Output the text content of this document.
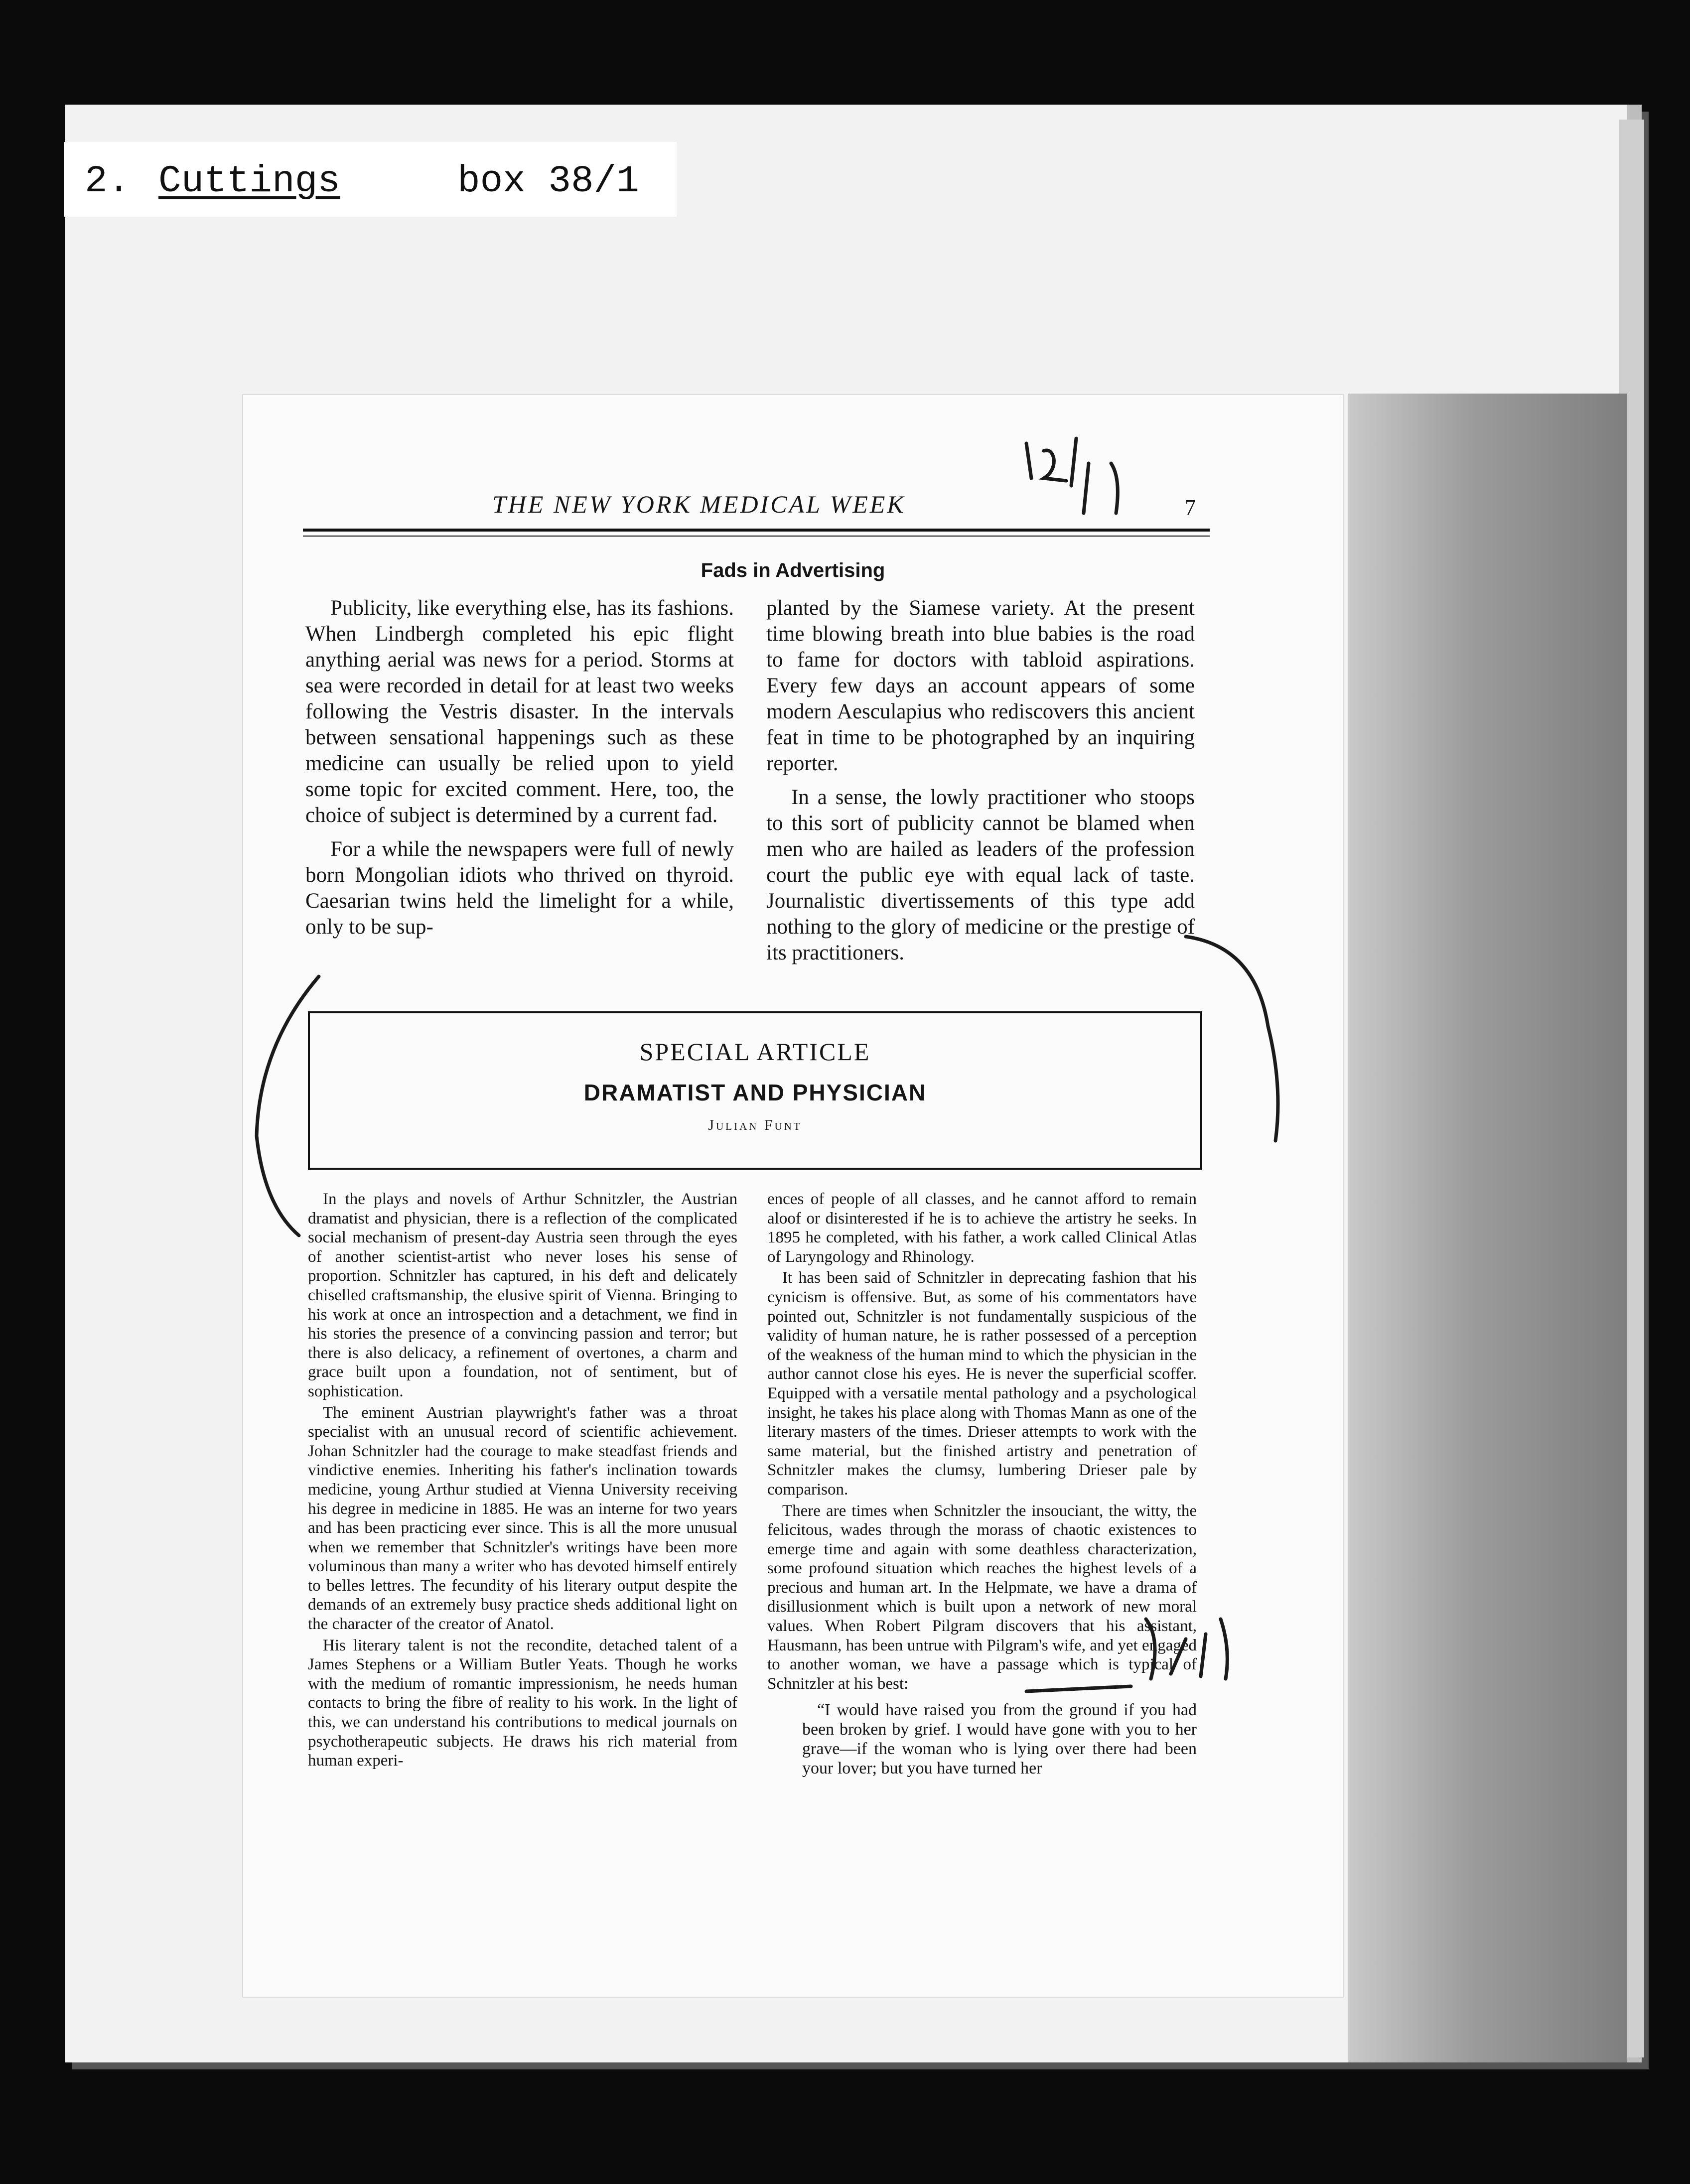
2. Cuttings	box 38/1
THE NEW YORK MEDICAL WEEK	7
Fads in Advertising

Publicity, like everything else, has its fashions. When Lindbergh completed his epic flight anything aerial was news for a period. Storms at sea were recorded in detail for at least two weeks following the Vestris disaster. In the intervals between sensational happenings such as these medicine can usually be relied upon to yield some topic for excited comment. Here, too, the choice of subject is determined by a current fad.

For a while the newspapers were full of newly born Mongolian idiots who thrived on thyroid. Caesarian twins held the limelight for a while, only to be sup-

planted by the Siamese variety. At the present time blowing breath into blue babies is the road to fame for doctors with tabloid aspirations. Every few days an account appears of some modern Aesculapius who rediscovers this ancient feat in time to be photographed by an inquiring reporter.

In a sense, the lowly practitioner who stoops to this sort of publicity cannot be blamed when men who are hailed as leaders of the profession court the public eye with equal lack of taste. Journalistic divertissements of this type add nothing to the glory of medicine or the prestige of its practitioners.

SPECIAL ARTICLE
DRAMATIST AND PHYSICIAN
Julian Funt

In the plays and novels of Arthur Schnitzler, the Austrian dramatist and physician, there is a reflection of the complicated social mechanism of present-day Austria seen through the eyes of another scientist-artist who never loses his sense of proportion. Schnitzler has captured, in his deft and delicately chiselled craftsmanship, the elusive spirit of Vienna. Bringing to his work at once an introspection and a detachment, we find in his stories the presence of a convincing passion and terror; but there is also delicacy, a refinement of overtones, a charm and grace built upon a foundation, not of sentiment, but of sophistication.

The eminent Austrian playwright's father was a throat specialist with an unusual record of scientific achievement. Johan Schnitzler had the courage to make steadfast friends and vindictive enemies. Inheriting his father's inclination towards medicine, young Arthur studied at Vienna University receiving his degree in medicine in 1885. He was an interne for two years and has been practicing ever since. This is all the more unusual when we remember that Schnitzler's writings have been more voluminous than many a writer who has devoted himself entirely to belles lettres. The fecundity of his literary output despite the demands of an extremely busy practice sheds additional light on the character of the creator of Anatol.

His literary talent is not the recondite, detached talent of a James Stephens or a William Butler Yeats. Though he works with the medium of romantic impressionism, he needs human contacts to bring the fibre of reality to his work. In the light of this, we can understand his contributions to medical journals on psychotherapeutic subjects. He draws his rich material from human experi-

ences of people of all classes, and he cannot afford to remain aloof or disinterested if he is to achieve the artistry he seeks. In 1895 he completed, with his father, a work called Clinical Atlas of Laryngology and Rhinology.

It has been said of Schnitzler in deprecating fashion that his cynicism is offensive. But, as some of his commentators have pointed out, Schnitzler is not fundamentally suspicious of the validity of human nature, he is rather possessed of a perception of the weakness of the human mind to which the physician in the author cannot close his eyes. He is never the superficial scoffer. Equipped with a versatile mental pathology and a psychological insight, he takes his place along with Thomas Mann as one of the literary masters of the times. Drieser attempts to work with the same material, but the finished artistry and penetration of Schnitzler makes the clumsy, lumbering Drieser pale by comparison.

There are times when Schnitzler the insouciant, the witty, the felicitous, wades through the morass of chaotic existences to emerge time and again with some deathless characterization, some profound situation which reaches the highest levels of a precious and human art. In the Helpmate, we have a drama of disillusionment which is built upon a network of new moral values. When Robert Pilgram discovers that his assistant, Hausmann, has been untrue with Pilgram's wife, and yet engaged to another woman, we have a passage which is typical of Schnitzler at his best:

“I would have raised you from the ground if you had been broken by grief. I would have gone with you to her grave—if the woman who is lying over there had been your lover; but you have turned her
